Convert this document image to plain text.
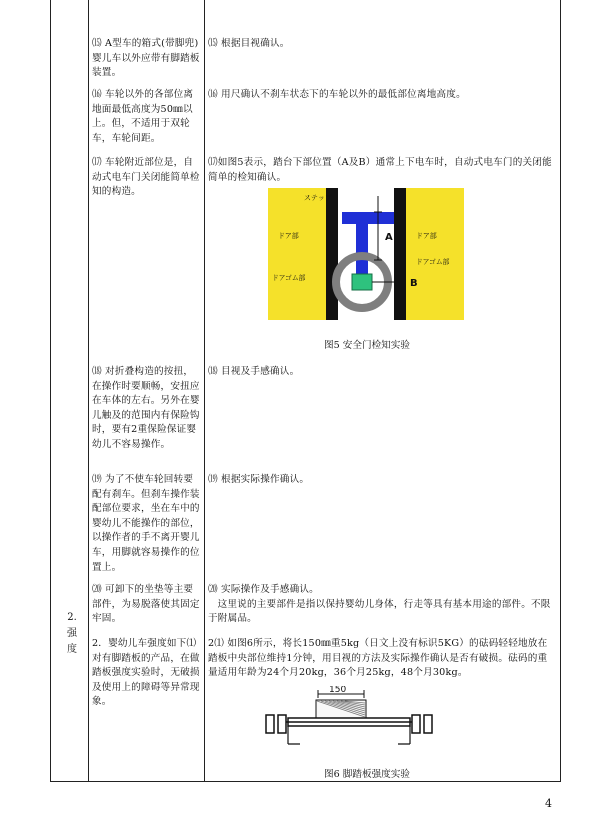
⒂ A型车的箱式(带脚兜)婴儿车以外应带有脚踏板装置。

⒃ 车轮以外的各部位离地面最低高度为50㎜以上。但，不适用于双轮车，车轮间距。

⒄ 车轮附近部位是，自动式电车门关闭能简单检知的构造。

⒅ 对折叠构造的按扭，在操作时要顺畅，安扭应在车体的左右。另外在婴儿触及的范围内有保险钩时，要有2重保险保证婴幼儿不容易操作。

⒆ 为了不使车轮回转要配有刹车。但刹车操作装配部位要求，坐在车中的婴幼儿不能操作的部位，以操作者的手不离开婴儿车，用脚就容易操作的位置上。

⒇ 可卸下的坐垫等主要部件，为易脱落使其固定牢固。

2．婴幼儿车强度如下⑴ 对有脚踏板的产品，在做踏板强度实验时，无破损及使用上的障碍等异常现象。

2.
强
度

⒂ 根据目视确认。

⒃ 用尺确认不刹车状态下的车轮以外的最低部位离地高度。

⒄如图5表示，踏台下部位置（A及B）通常上下电车时，自动式电车门的关闭能简单的检知确认。

ステップ
ドア部	ドア部
ドアゴム部
ドアゴム部
A
B
图5 安全门检知实验

⒅ 目视及手感确认。

⒆ 根据实际操作确认。

⒇ 实际操作及手感确认。

这里说的主要部件是指以保持婴幼儿身体，行走等具有基本用途的部件。不限于附属品。

2⑴ 如图6所示，将长150㎜重5kg（日文上没有标识5KG）的砝码轻轻地放在踏板中央部位维持1分钟，用目视的方法及实际操作确认是否有破损。砝码的重量适用年龄为24个月20kg，36个月25kg，48个月30kg。

150
图6 脚踏板强度实验
4
